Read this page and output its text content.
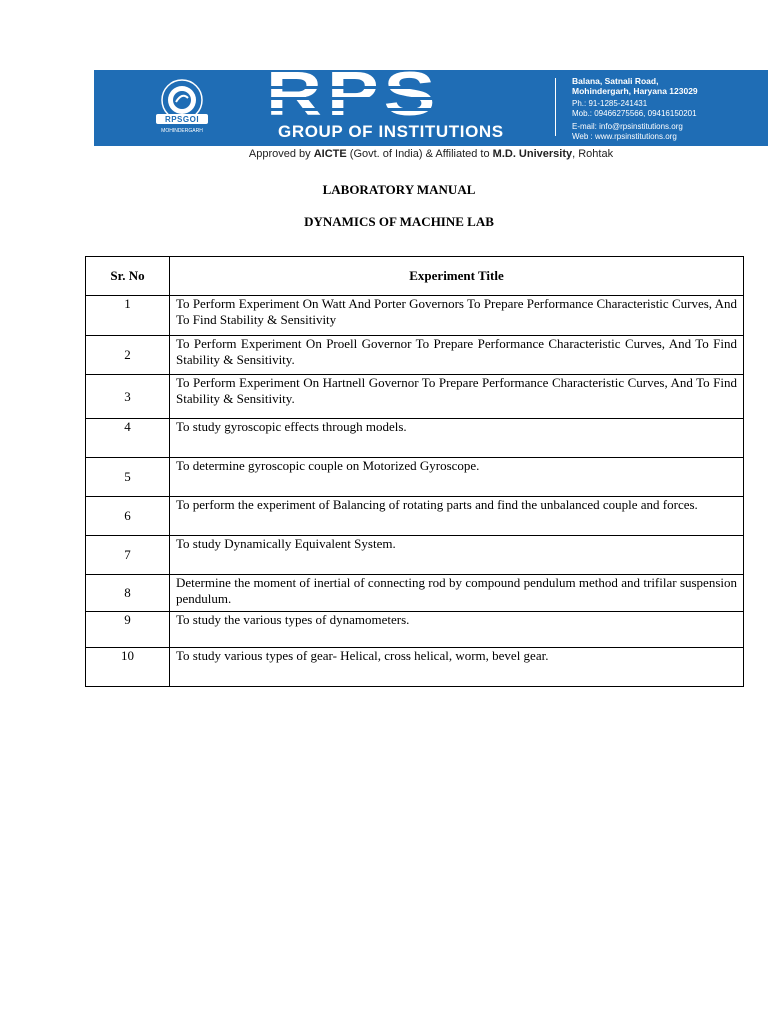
RPSGOI
MOHINDERGARH	GROUP OF INSTITUTIONS
Balana, Satnali Road,
Mohindergarh, Haryana 123029
Ph.: 91-1285-241431
Mob.: 09466275566, 09416150201
E-mail: info@rpsinstitutions.org
Web : www.rpsinstitutions.org
Approved by AICTE (Govt. of India) & Affiliated to M.D. University, Rohtak
LABORATORY MANUAL
DYNAMICS OF MACHINE LAB
Sr. No	Experiment Title
1	To Perform Experiment On Watt And Porter Governors To Prepare Performance Characteristic Curves, And To Find Stability & Sensitivity
2	To Perform Experiment On Proell Governor To Prepare Performance Characteristic Curves, And To Find Stability & Sensitivity.
3	To Perform Experiment On Hartnell Governor To Prepare Performance Characteristic Curves, And To Find Stability & Sensitivity.
4	To study gyroscopic effects through models.
5	To determine gyroscopic couple on Motorized Gyroscope.
6	To perform the experiment of Balancing of rotating parts and find the unbalanced couple and forces.
7	To study Dynamically Equivalent System.
8	Determine the moment of inertial of connecting rod by compound pendulum method and trifilar suspension pendulum.
9	To study the various types of dynamometers.
10	To study various types of gear- Helical, cross helical, worm, bevel gear.
